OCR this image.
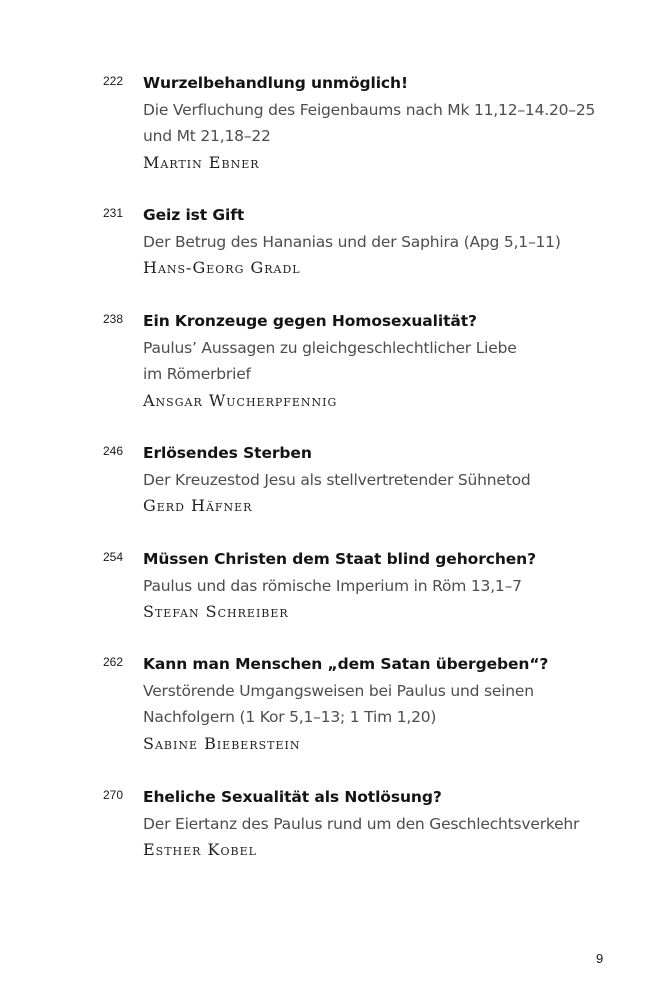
222 Wurzelbehandlung unmöglich!
Die Verfluchung des Feigenbaums nach Mk 11,12–14.20–25
und Mt 21,18–22
Martin Ebner
231 Geiz ist Gift
Der Betrug des Hananias und der Saphira (Apg 5,1–11)
Hans-Georg Gradl
238 Ein Kronzeuge gegen Homosexualität?
Paulus’ Aussagen zu gleichgeschlechtlicher Liebe
im Römerbrief
Ansgar Wucherpfennig
246 Erlösendes Sterben
Der Kreuzestod Jesu als stellvertretender Sühnetod
Gerd Häfner
254 Müssen Christen dem Staat blind gehorchen?
Paulus und das römische Imperium in Röm 13,1–7
Stefan Schreiber
262 Kann man Menschen „dem Satan übergeben“?
Verstörende Umgangsweisen bei Paulus und seinen
Nachfolgern (1 Kor 5,1–13; 1 Tim 1,20)
Sabine Bieberstein
270 Eheliche Sexualität als Notlösung?
Der Eiertanz des Paulus rund um den Geschlechtsverkehr
Esther Kobel
9
